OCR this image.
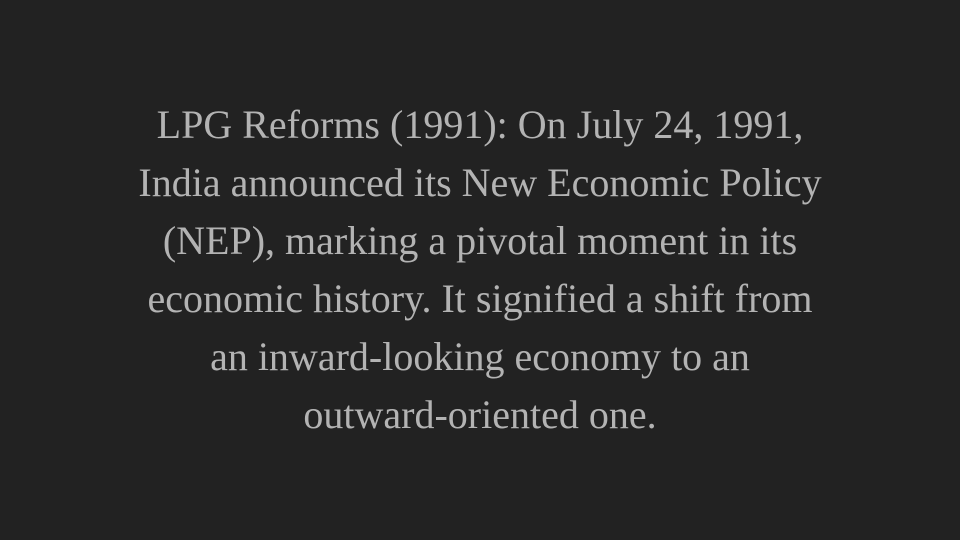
LPG Reforms (1991): On July 24, 1991,
India announced its New Economic Policy
(NEP), marking a pivotal moment in its
economic history. It signified a shift from
an inward-looking economy to an
outward-oriented one.
